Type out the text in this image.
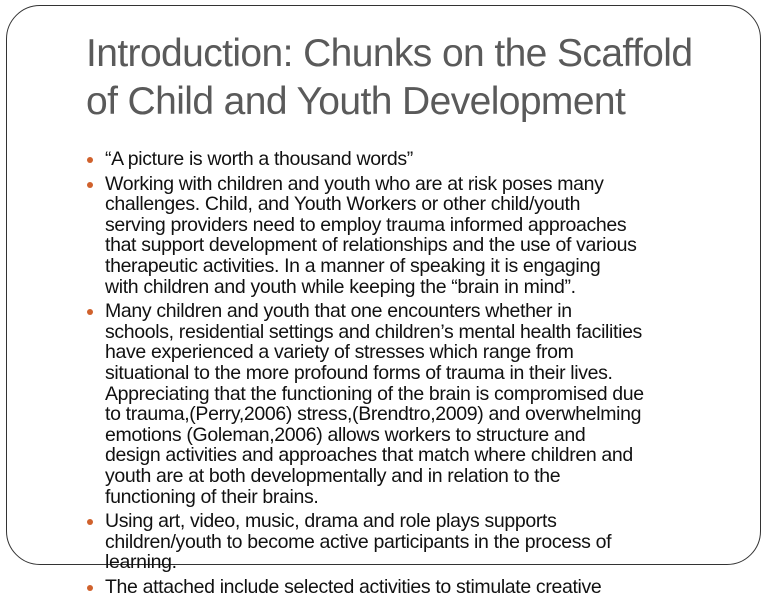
Introduction: Chunks on the Scaffold
of Child and Youth Development
“A picture is worth a thousand words”
Working with children and youth who are at risk poses many
challenges. Child, and Youth Workers or other child/youth
serving providers need to employ trauma informed approaches
that support development of relationships and the use of various
therapeutic activities. In a manner of speaking it is engaging
with children and youth while keeping the “brain in mind”.
Many children and youth that one encounters whether in
schools, residential settings and children’s mental health facilities
have experienced a variety of stresses which range from
situational to the more profound forms of trauma in their lives.
Appreciating that the functioning of the brain is compromised due
to trauma,(Perry,2006) stress,(Brendtro,2009) and overwhelming
emotions (Goleman,2006) allows workers to structure and
design activities and approaches that match where children and
youth are at both developmentally and in relation to the
functioning of their brains.
Using art, video, music, drama and role plays supports
children/youth to become active participants in the process of
learning.
The attached include selected activities to stimulate creative
